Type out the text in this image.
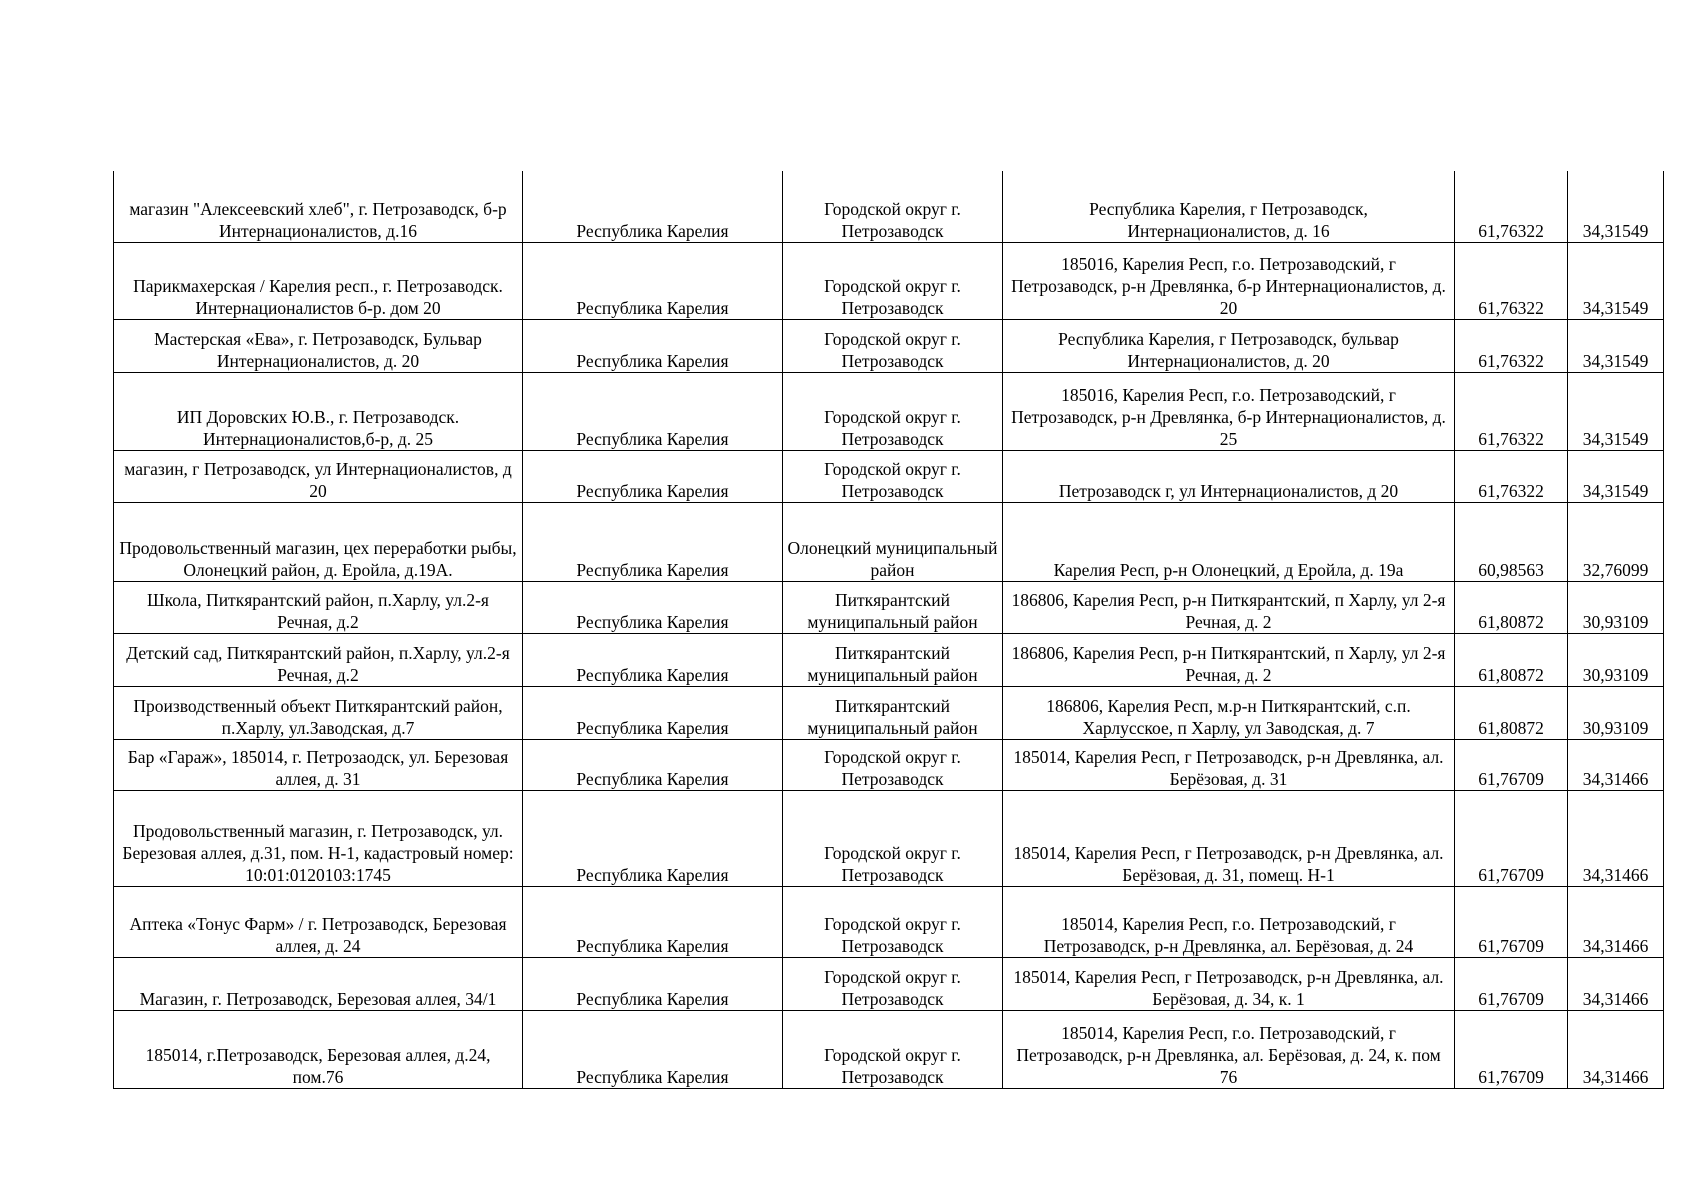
магазин "Алексеевский хлеб", г. Петрозаводск, б-р Интернационалистов, д.16	Республика Карелия	Городской округ г. Петрозаводск	Республика Карелия, г Петрозаводск, Интернационалистов, д. 16	61,76322	34,31549
Парикмахерская / Карелия респ., г. Петрозаводск. Интернационалистов б-р. дом 20	Республика Карелия	Городской округ г. Петрозаводск	185016, Карелия Респ, г.о. Петрозаводский, г Петрозаводск, р-н Древлянка, б-р Интернационалистов, д. 20	61,76322	34,31549
Мастерская «Ева», г. Петрозаводск, Бульвар Интернационалистов, д. 20	Республика Карелия	Городской округ г. Петрозаводск	Республика Карелия, г Петрозаводск, бульвар Интернационалистов, д. 20	61,76322	34,31549
ИП Доровских Ю.В., г. Петрозаводск. Интернационалистов,б-р, д. 25	Республика Карелия	Городской округ г. Петрозаводск	185016, Карелия Респ, г.о. Петрозаводский, г Петрозаводск, р-н Древлянка, б-р Интернационалистов, д. 25	61,76322	34,31549
магазин, г Петрозаводск, ул Интернационалистов, д 20	Республика Карелия	Городской округ г. Петрозаводск	Петрозаводск г, ул Интернационалистов, д 20	61,76322	34,31549
Продовольственный магазин, цех переработки рыбы, Олонецкий район, д. Еройла, д.19А.	Республика Карелия	Олонецкий муниципальный район	Карелия Респ, р-н Олонецкий, д Еройла, д. 19а	60,98563	32,76099
Школа, Питкярантский район, п.Харлу, ул.2-я Речная, д.2	Республика Карелия	Питкярантский муниципальный район	186806, Карелия Респ, р-н Питкярантский, п Харлу, ул 2-я Речная, д. 2	61,80872	30,93109
Детский сад, Питкярантский район, п.Харлу, ул.2-я Речная, д.2	Республика Карелия	Питкярантский муниципальный район	186806, Карелия Респ, р-н Питкярантский, п Харлу, ул 2-я Речная, д. 2	61,80872	30,93109
Производственный объект Питкярантский район, п.Харлу, ул.Заводская, д.7	Республика Карелия	Питкярантский муниципальный район	186806, Карелия Респ, м.р-н Питкярантский, с.п. Харлусское, п Харлу, ул Заводская, д. 7	61,80872	30,93109
Бар «Гараж», 185014, г. Петрозаодск, ул. Березовая аллея, д. 31	Республика Карелия	Городской округ г. Петрозаводск	185014, Карелия Респ, г Петрозаводск, р-н Древлянка, ал. Берёзовая, д. 31	61,76709	34,31466
Продовольственный магазин, г. Петрозаводск, ул. Березовая аллея, д.31, пом. Н-1, кадастровый номер: 10:01:0120103:1745	Республика Карелия	Городской округ г. Петрозаводск	185014, Карелия Респ, г Петрозаводск, р-н Древлянка, ал. Берёзовая, д. 31, помещ. Н-1	61,76709	34,31466
Аптека «Тонус Фарм» / г. Петрозаводск, Березовая аллея, д. 24	Республика Карелия	Городской округ г. Петрозаводск	185014, Карелия Респ, г.о. Петрозаводский, г Петрозаводск, р-н Древлянка, ал. Берёзовая, д. 24	61,76709	34,31466
Магазин, г. Петрозаводск, Березовая аллея, 34/1	Республика Карелия	Городской округ г. Петрозаводск	185014, Карелия Респ, г Петрозаводск, р-н Древлянка, ал. Берёзовая, д. 34, к. 1	61,76709	34,31466
185014, г.Петрозаводск, Березовая аллея, д.24, пом.76	Республика Карелия	Городской округ г. Петрозаводск	185014, Карелия Респ, г.о. Петрозаводский, г Петрозаводск, р-н Древлянка, ал. Берёзовая, д. 24, к. пом 76	61,76709	34,31466
